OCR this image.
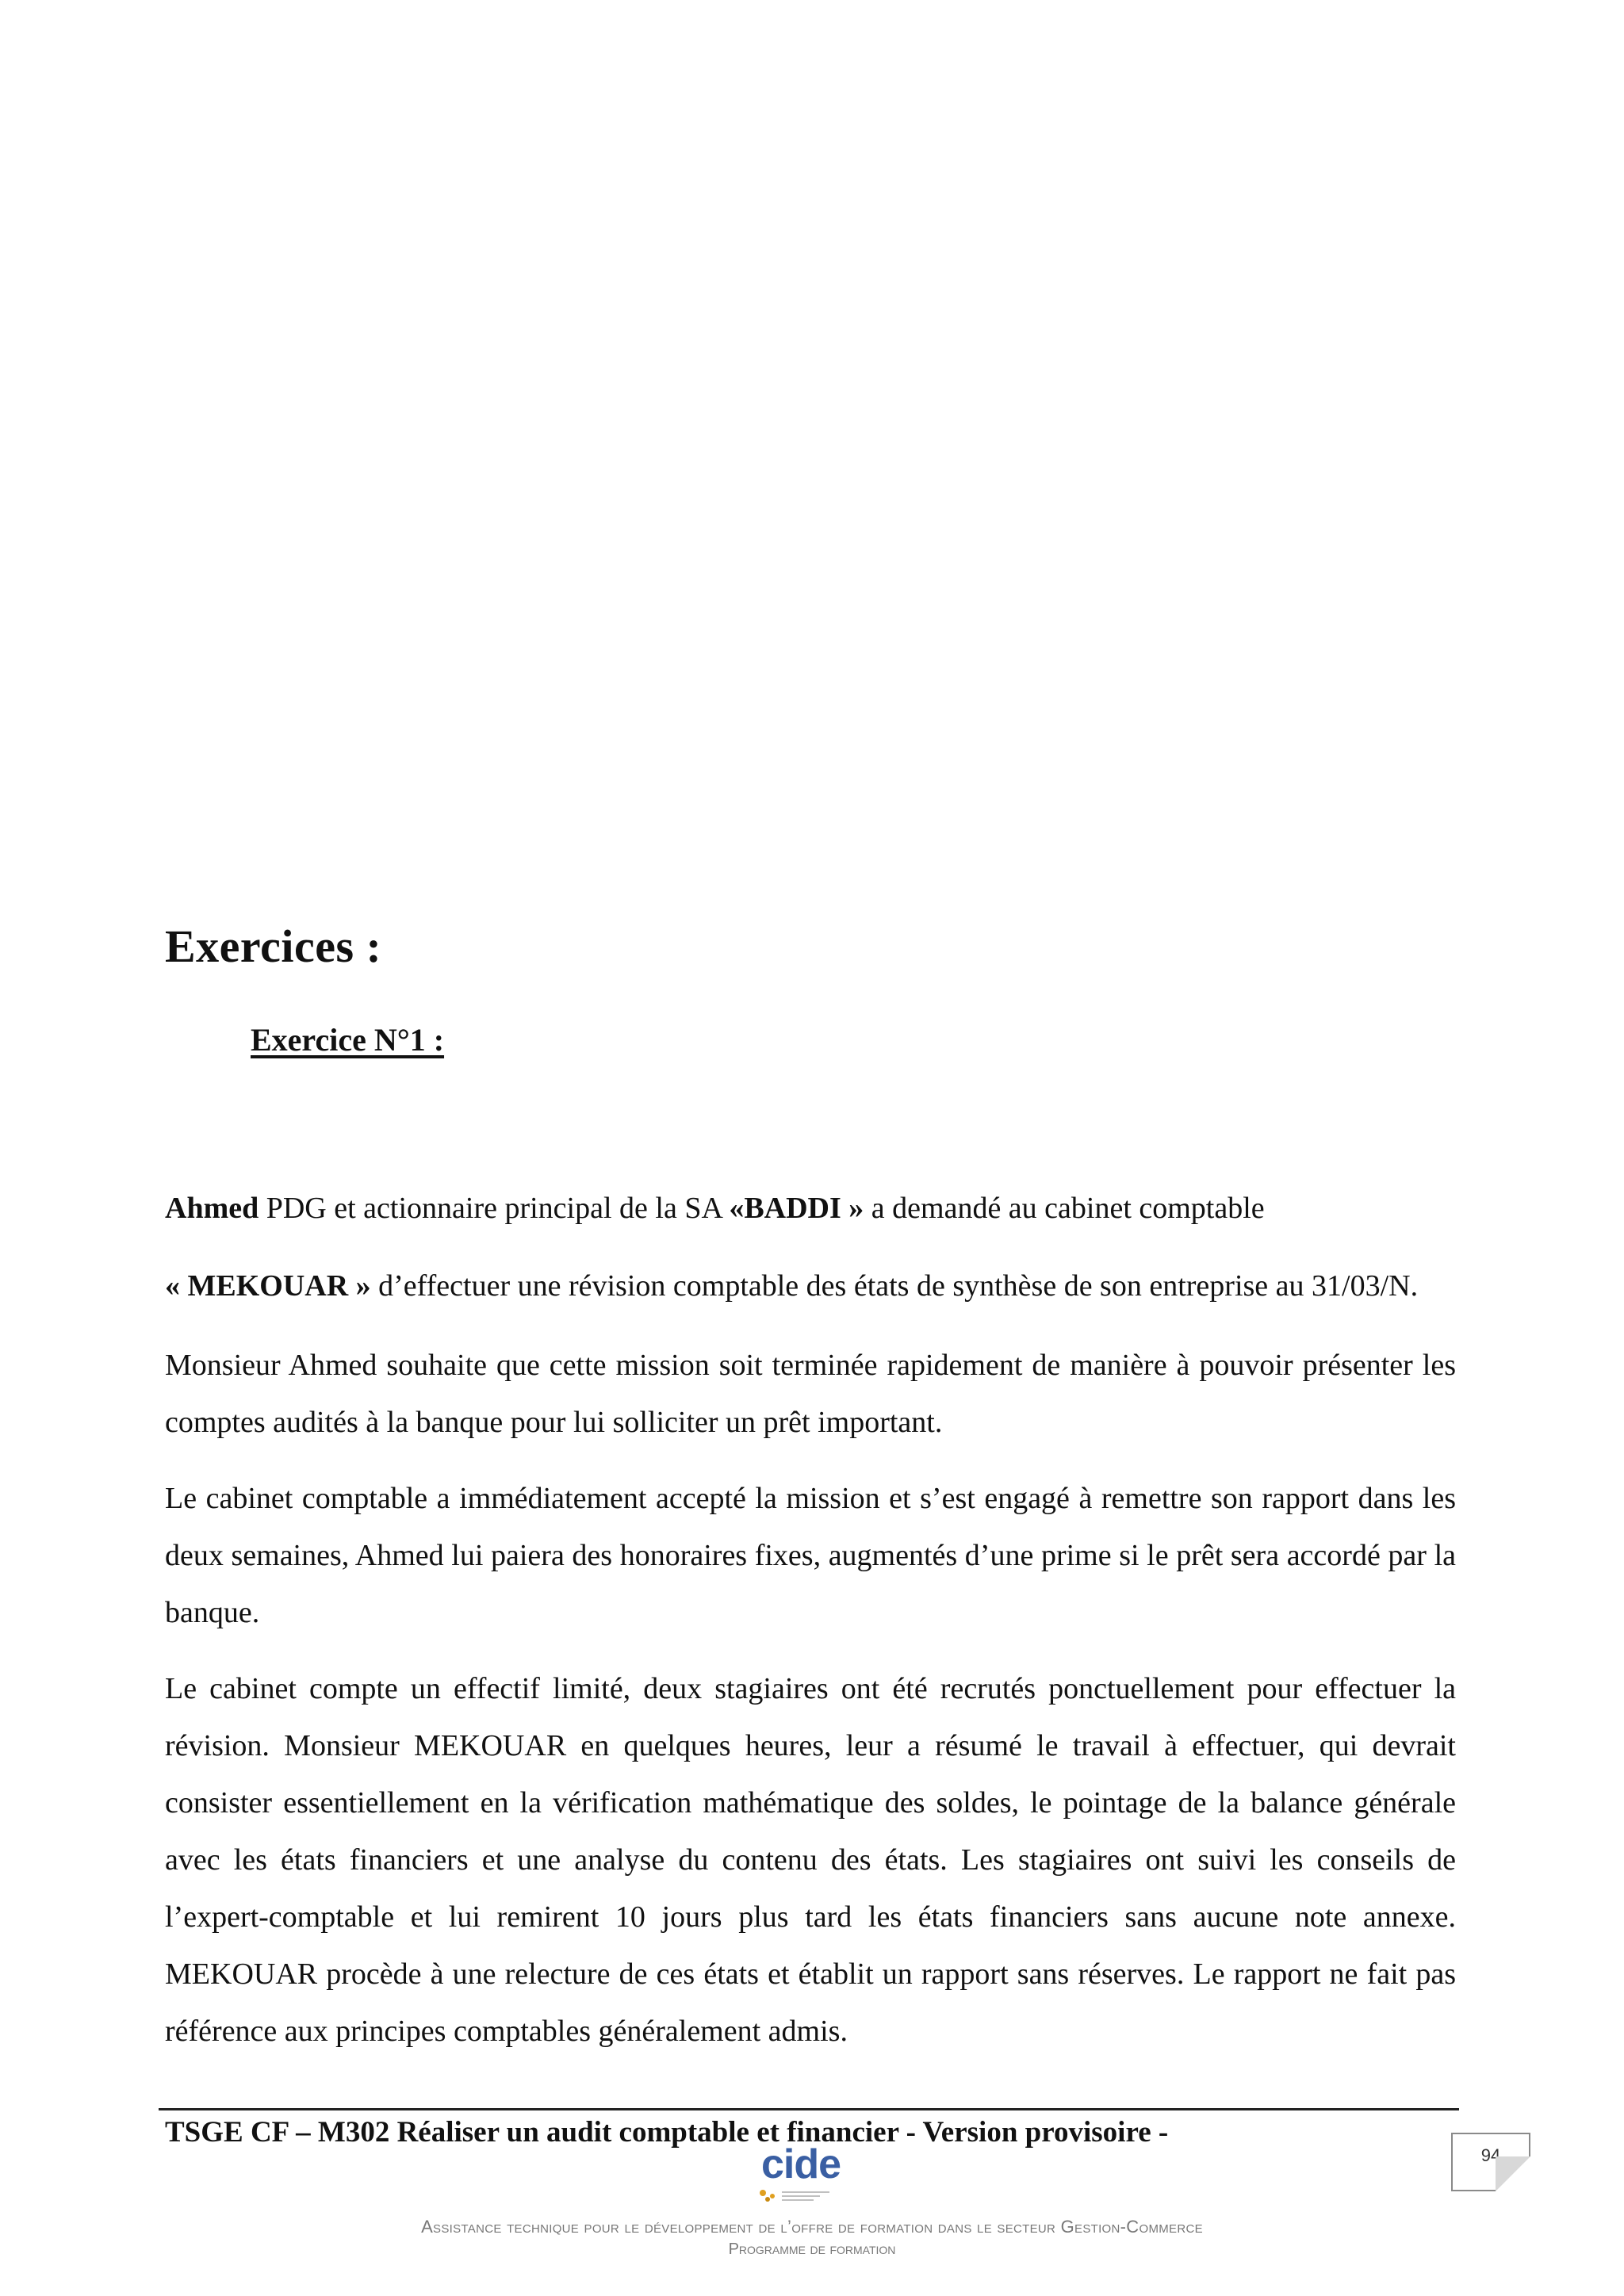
Exercices :
Exercice N°1 :

Ahmed PDG et actionnaire principal de la SA «BADDI » a demandé au cabinet comptable

« MEKOUAR » d’effectuer une révision comptable des états de synthèse de son entreprise au 31/03/N.

Monsieur Ahmed souhaite que cette mission soit terminée rapidement de manière à pouvoir présenter les comptes audités à la banque pour lui solliciter un prêt important.

Le cabinet comptable a immédiatement accepté la mission et s’est engagé à remettre son rapport dans les deux semaines, Ahmed lui paiera des honoraires fixes, augmentés d’une prime si le prêt sera accordé par la banque.

Le cabinet compte un effectif limité, deux stagiaires ont été recrutés ponctuellement pour effectuer la révision. Monsieur MEKOUAR en quelques heures, leur a résumé le travail à effectuer, qui devrait consister essentiellement en la vérification mathématique des soldes, le pointage de la balance générale avec les états financiers et une analyse du contenu des états. Les stagiaires ont suivi les conseils de l’expert-comptable et lui remirent 10 jours plus tard les états financiers sans aucune note annexe. MEKOUAR procède à une relecture de ces états et établit un rapport sans réserves. Le rapport ne fait pas référence aux principes comptables généralement admis.

TSGE CF – M302 Réaliser un audit comptable et financier - Version provisoire -

94
cide

Assistance technique pour le développement de l’offre de formation dans le secteur Gestion-Commerce

Programme de formation
